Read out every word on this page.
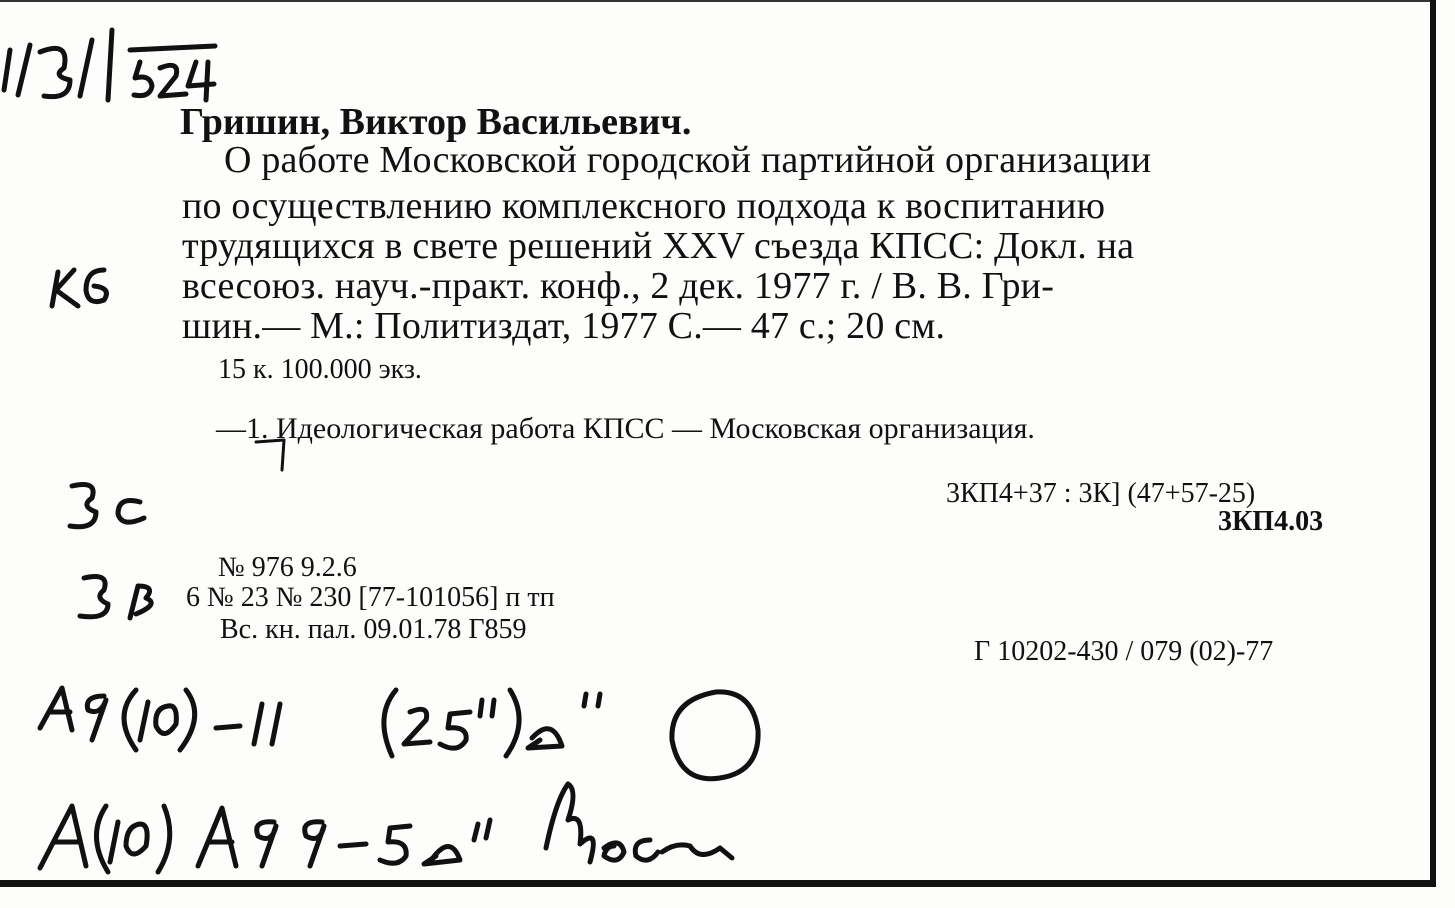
Гришин, Виктор Васильевич.
О работе Московской городской партийной организации
по осуществлению комплексного подхода к воспитанию
трудящихся в свете решений XXV съезда КПСС: Докл. на
всесоюз. науч.-практ. конф., 2 дек. 1977 г. / В. В. Гри-
шин.— М.: Политиздат, 1977 С.— 47 с.; 20 см.
15 к. 100.000 экз.
—1. Идеологическая работа КПСС — Московская организация.
3КП4+37 : 3К] (47+57-25)
3КП4.03
№ 976 9.2.6
6 № 23 № 230 [77-101056] п тп
Вс. кн. пал. 09.01.78 Г859
Г 10202-430 / 079 (02)-77
